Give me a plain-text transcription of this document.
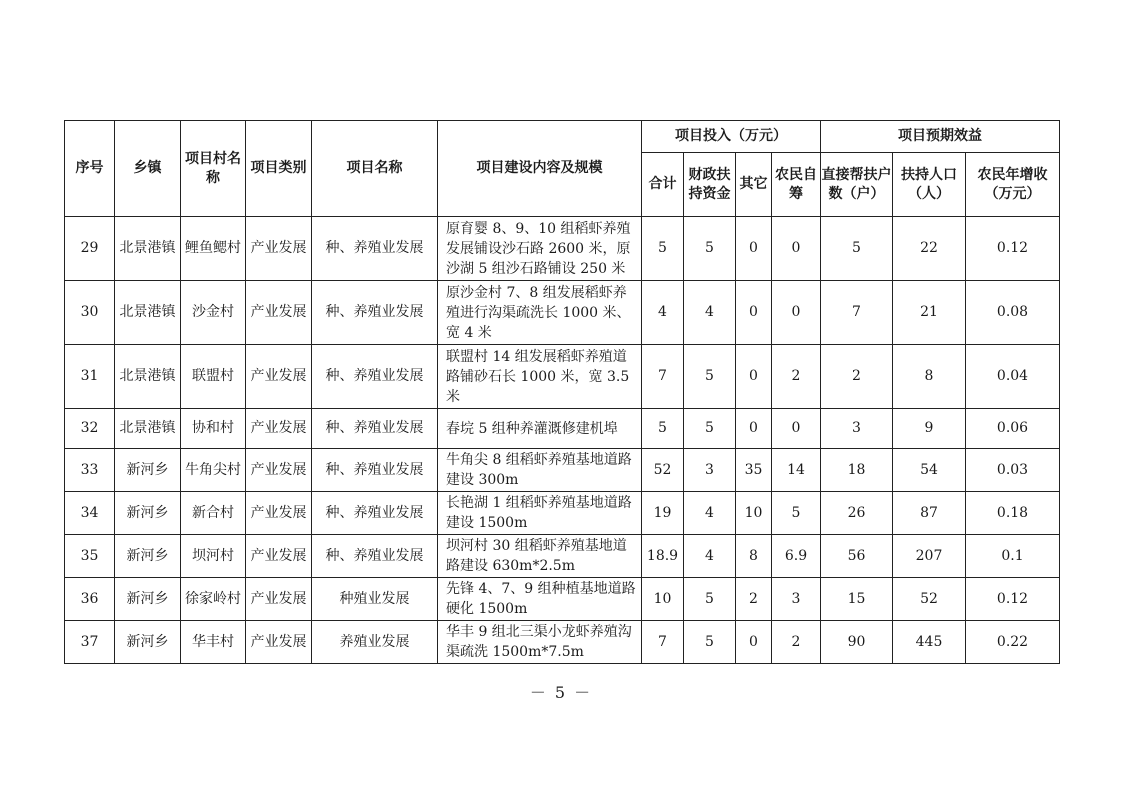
序号	乡镇	项目村名称	项目类别	项目名称	项目建设内容及规模	项目投入（万元）				项目预期效益		
						合计	财政扶持资金	其它	农民自筹	直接帮扶户数（户）	扶持人口（人）	农民年增收（万元）
29	北景港镇	鲤鱼鳃村	产业发展	种、养殖业发展	原育婴 8、9、10 组稻虾养殖发展铺设沙石路 2600 米，原沙湖 5 组沙石路铺设 250 米	5	5	0	0	5	22	0.12
30	北景港镇	沙金村	产业发展	种、养殖业发展	原沙金村 7、8 组发展稻虾养殖进行沟渠疏洗长 1000 米、宽 4 米	4	4	0	0	7	21	0.08
31	北景港镇	联盟村	产业发展	种、养殖业发展	联盟村 14 组发展稻虾养殖道路铺砂石长 1000 米，宽 3.5 米	7	5	0	2	2	8	0.04
32	北景港镇	协和村	产业发展	种、养殖业发展	春垸 5 组种养灌溉修建机埠	5	5	0	0	3	9	0.06
33	新河乡	牛角尖村	产业发展	种、养殖业发展	牛角尖 8 组稻虾养殖基地道路建设 300m	52	3	35	14	18	54	0.03
34	新河乡	新合村	产业发展	种、养殖业发展	长艳湖 1 组稻虾养殖基地道路建设 1500m	19	4	10	5	26	87	0.18
35	新河乡	坝河村	产业发展	种、养殖业发展	坝河村 30 组稻虾养殖基地道路建设 630m*2.5m	18.9	4	8	6.9	56	207	0.1
36	新河乡	徐家岭村	产业发展	种殖业发展	先锋 4、7、9 组种植基地道路硬化 1500m	10	5	2	3	15	52	0.12
37	新河乡	华丰村	产业发展	养殖业发展	华丰 9 组北三渠小龙虾养殖沟渠疏洗 1500m*7.5m	7	5	0	2	90	445	0.22
－ 5 －
